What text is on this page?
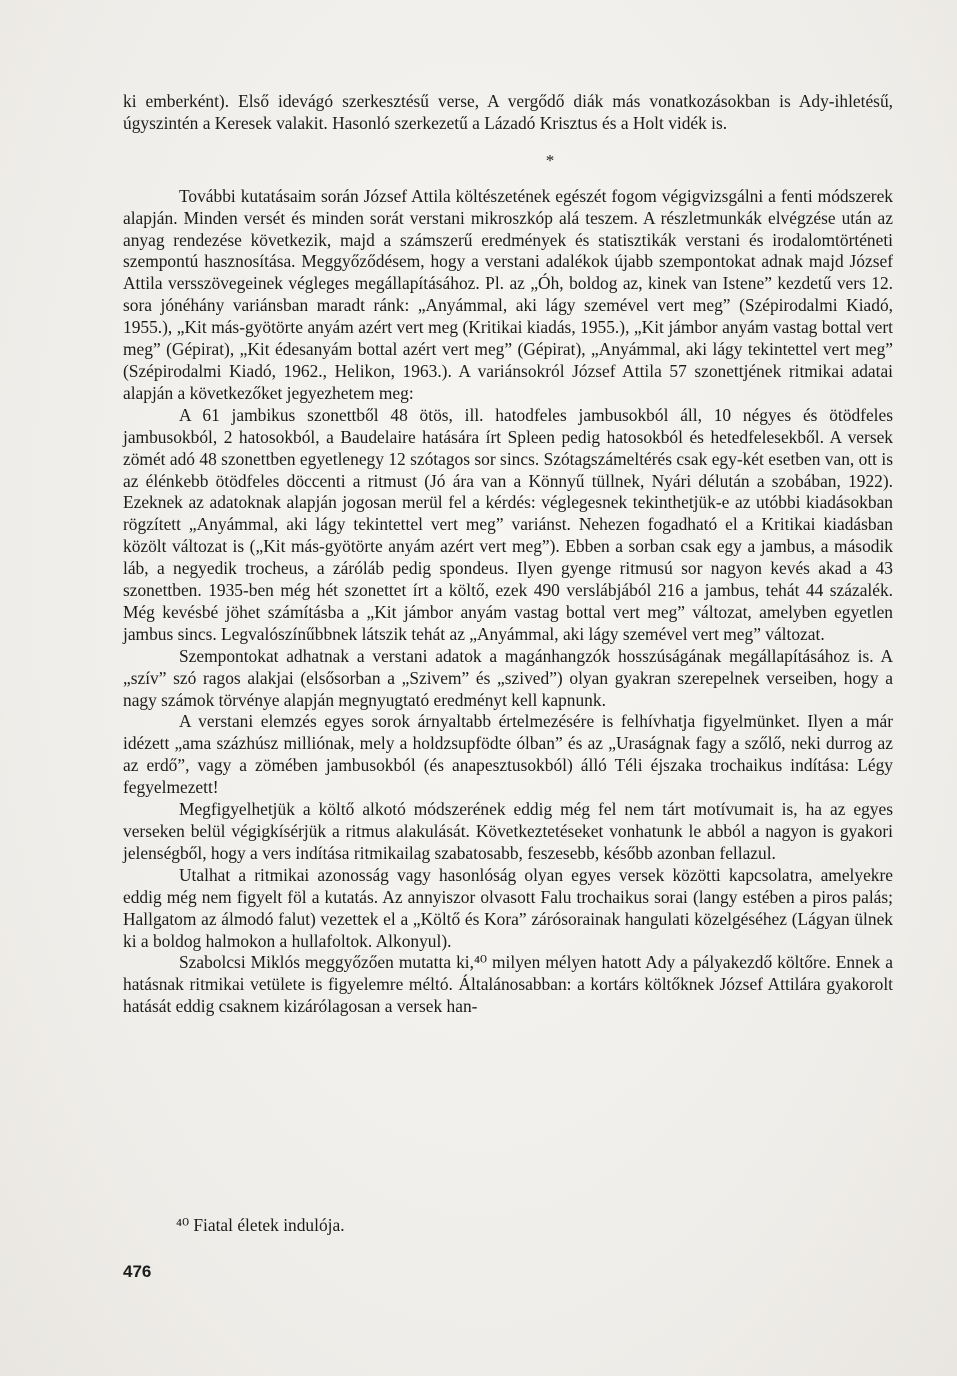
ki emberként). Első idevágó szerkesztésű verse, A vergődő diák más vonatkozásokban is Ady-ihletésű, úgyszintén a Keresek valakit. Hasonló szerkezetű a Lázadó Krisztus és a Holt vidék is.

*

További kutatásaim során József Attila költészetének egészét fogom végigvizsgálni a fenti módszerek alapján. Minden versét és minden sorát verstani mikroszkóp alá teszem. A részletmunkák elvégzése után az anyag rendezése következik, majd a számszerű eredmények és statisztikák verstani és irodalomtörténeti szempontú hasznosítása. Meggyőződésem, hogy a verstani adalékok újabb szempontokat adnak majd József Attila versszövegeinek végleges megállapításához. Pl. az „Óh, boldog az, kinek van Istene” kezdetű vers 12. sora jónéhány variánsban maradt ránk: „Anyámmal, aki lágy szemével vert meg” (Szépirodalmi Kiadó, 1955.), „Kit más-gyötörte anyám azért vert meg (Kritikai kiadás, 1955.), „Kit jámbor anyám vastag bottal vert meg” (Gépirat), „Kit édesanyám bottal azért vert meg” (Gépirat), „Anyámmal, aki lágy tekintettel vert meg” (Szépirodalmi Kiadó, 1962., Helikon, 1963.). A variánsokról József Attila 57 szonettjének ritmikai adatai alapján a következőket jegyezhetem meg:

A 61 jambikus szonettből 48 ötös, ill. hatodfeles jambusokból áll, 10 négyes és ötödfeles jambusokból, 2 hatosokból, a Baudelaire hatására írt Spleen pedig hatosokból és hetedfelesekből. A versek zömét adó 48 szonettben egyetlenegy 12 szótagos sor sincs. Szótagszámeltérés csak egy-két esetben van, ott is az élénkebb ötödfeles döccenti a ritmust (Jó ára van a Könnyű tüllnek, Nyári délután a szobában, 1922). Ezeknek az adatoknak alapján jogosan merül fel a kérdés: véglegesnek tekinthetjük-e az utóbbi kiadásokban rögzített „Anyámmal, aki lágy tekintettel vert meg” variánst. Nehezen fogadható el a Kritikai kiadásban közölt változat is („Kit más-gyötörte anyám azért vert meg”). Ebben a sorban csak egy a jambus, a második láb, a negyedik trocheus, a záróláb pedig spondeus. Ilyen gyenge ritmusú sor nagyon kevés akad a 43 szonettben. 1935-ben még hét szonettet írt a költő, ezek 490 verslábjából 216 a jambus, tehát 44 százalék. Még kevésbé jöhet számításba a „Kit jámbor anyám vastag bottal vert meg” változat, amelyben egyetlen jambus sincs. Legvalószínűbbnek látszik tehát az „Anyámmal, aki lágy szemével vert meg” változat.

Szempontokat adhatnak a verstani adatok a magánhangzók hosszúságának megállapításához is. A „szív” szó ragos alakjai (elsősorban a „Szivem” és „szived”) olyan gyakran szerepelnek verseiben, hogy a nagy számok törvénye alapján megnyugtató eredményt kell kapnunk.

A verstani elemzés egyes sorok árnyaltabb értelmezésére is felhívhatja figyelmünket. Ilyen a már idézett „ama százhúsz milliónak, mely a holdzsupfödte ólban” és az „Uraságnak fagy a szőlő, neki durrog az az erdő”, vagy a zömében jambusokból (és anapesztusokból) álló Téli éjszaka trochaikus indítása: Légy fegyelmezett!

Megfigyelhetjük a költő alkotó módszerének eddig még fel nem tárt motívumait is, ha az egyes verseken belül végigkísérjük a ritmus alakulását. Következtetéseket vonhatunk le abból a nagyon is gyakori jelenségből, hogy a vers indítása ritmikailag szabatosabb, feszesebb, később azonban fellazul.

Utalhat a ritmikai azonosság vagy hasonlóság olyan egyes versek közötti kapcsolatra, amelyekre eddig még nem figyelt föl a kutatás. Az annyiszor olvasott Falu trochaikus sorai (langy estében a piros palás; Hallgatom az álmodó falut) vezettek el a „Költő és Kora” zárósorainak hangulati közelgéséhez (Lágyan ülnek ki a boldog halmokon a hullafoltok. Alkonyul).

Szabolcsi Miklós meggyőzően mutatta ki,⁴⁰ milyen mélyen hatott Ady a pályakezdő költőre. Ennek a hatásnak ritmikai vetülete is figyelemre méltó. Általánosabban: a kortárs költőknek József Attilára gyakorolt hatását eddig csaknem kizárólagosan a versek han-

⁴⁰ Fiatal életek indulója.
476
